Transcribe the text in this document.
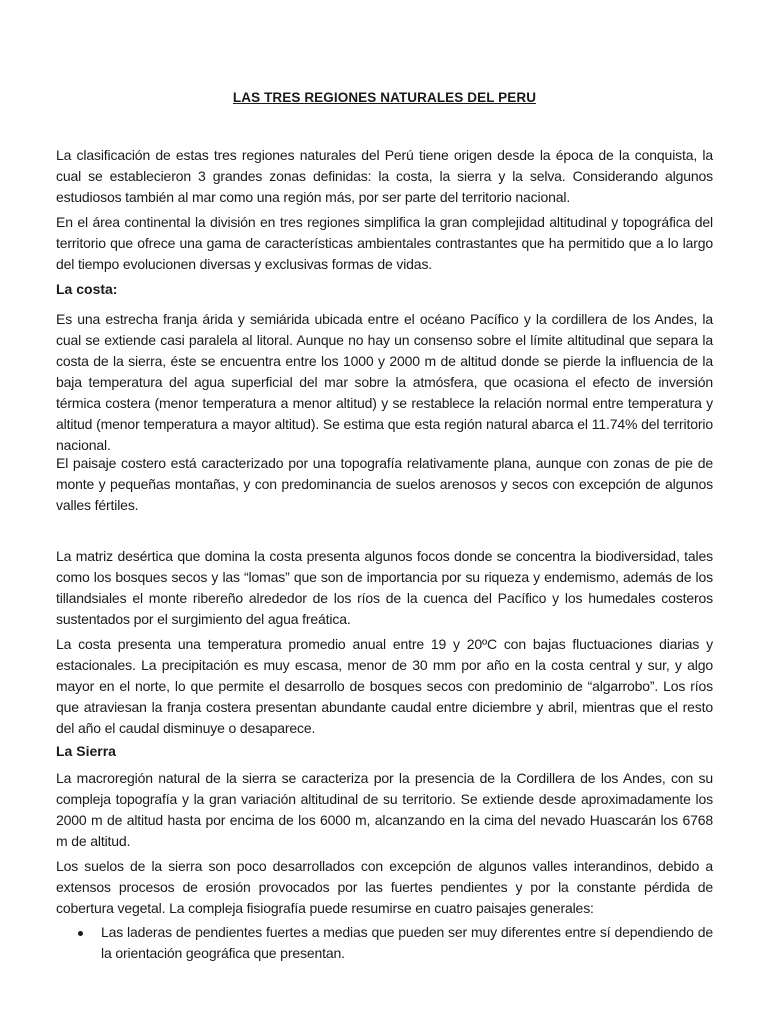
LAS TRES REGIONES NATURALES DEL PERU

La clasificación de estas tres regiones naturales del Perú tiene origen desde la época de la conquista, la cual se establecieron 3 grandes zonas definidas: la costa, la sierra y la selva. Considerando algunos estudiosos también al mar como una región más, por ser parte del territorio nacional.

En el área continental la división en tres regiones simplifica la gran complejidad altitudinal y topográfica del territorio que ofrece una gama de características ambientales contrastantes que ha permitido que a lo largo del tiempo evolucionen diversas y exclusivas formas de vidas.

La costa:

Es una estrecha franja árida y semiárida ubicada entre el océano Pacífico y la cordillera de los Andes, la cual se extiende casi paralela al litoral. Aunque no hay un consenso sobre el límite altitudinal que separa la costa de la sierra, éste se encuentra entre los 1000 y 2000 m de altitud donde se pierde la influencia de la baja temperatura del agua superficial del mar sobre la atmósfera, que ocasiona el efecto de inversión térmica costera (menor temperatura a menor altitud) y se restablece la relación normal entre temperatura y altitud (menor temperatura a mayor altitud). Se estima que esta región natural abarca el 11.74% del territorio nacional.

El paisaje costero está caracterizado por una topografía relativamente plana, aunque con zonas de pie de monte y pequeñas montañas, y con predominancia de suelos arenosos y secos con excepción de algunos valles fértiles.

La matriz desértica que domina la costa presenta algunos focos donde se concentra la biodiversidad, tales como los bosques secos y las “lomas” que son de importancia por su riqueza y endemismo, además de los tillandsiales el monte ribereño alrededor de los ríos de la cuenca del Pacífico y los humedales costeros sustentados por el surgimiento del agua freática.

La costa presenta una temperatura promedio anual entre 19 y 20ºC con bajas fluctuaciones diarias y estacionales. La precipitación es muy escasa, menor de 30 mm por año en la costa central y sur, y algo mayor en el norte, lo que permite el desarrollo de bosques secos con predominio de “algarrobo”. Los ríos que atraviesan la franja costera presentan abundante caudal entre diciembre y abril, mientras que el resto del año el caudal disminuye o desaparece.

La Sierra

La macroregión natural de la sierra se caracteriza por la presencia de la Cordillera de los Andes, con su compleja topografía y la gran variación altitudinal de su territorio. Se extiende desde aproximadamente los 2000 m de altitud hasta por encima de los 6000 m, alcanzando en la cima del nevado Huascarán los 6768 m de altitud.

Los suelos de la sierra son poco desarrollados con excepción de algunos valles interandinos, debido a extensos procesos de erosión provocados por las fuertes pendientes y por la constante pérdida de cobertura vegetal. La compleja fisiografía puede resumirse en cuatro paisajes generales:

Las laderas de pendientes fuertes a medias que pueden ser muy diferentes entre sí dependiendo de la orientación geográfica que presentan.
